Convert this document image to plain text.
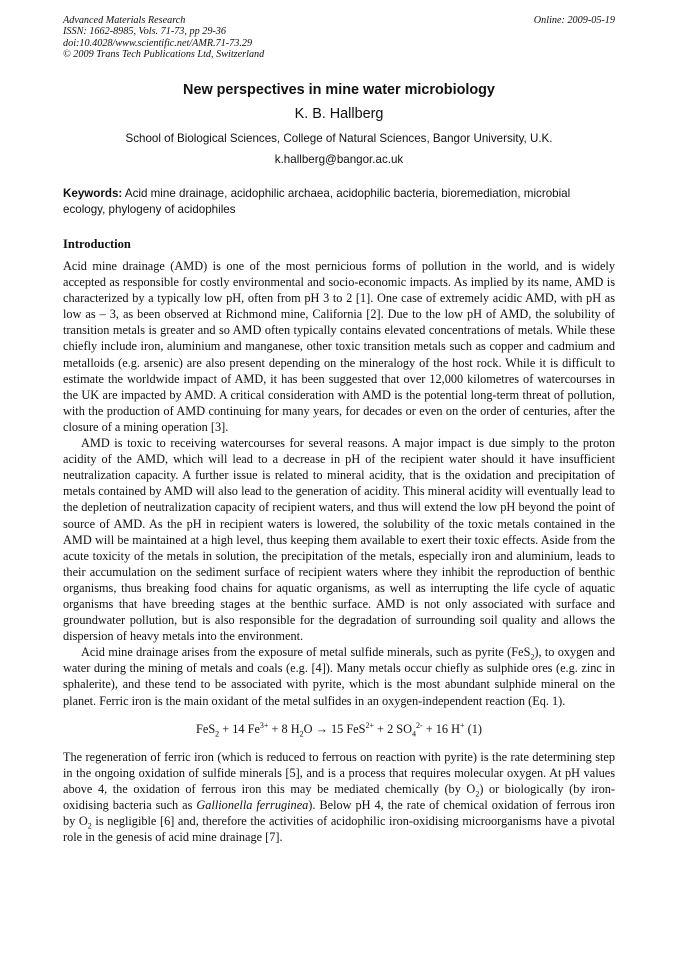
Advanced Materials Research
ISSN: 1662-8985, Vols. 71-73, pp 29-36
doi:10.4028/www.scientific.net/AMR.71-73.29
© 2009 Trans Tech Publications Ltd, Switzerland
Online: 2009-05-19
New perspectives in mine water microbiology
K. B. Hallberg
School of Biological Sciences, College of Natural Sciences, Bangor University, U.K.
k.hallberg@bangor.ac.uk
Keywords: Acid mine drainage, acidophilic archaea, acidophilic bacteria, bioremediation, microbial ecology, phylogeny of acidophiles
Introduction

Acid mine drainage (AMD) is one of the most pernicious forms of pollution in the world, and is widely accepted as responsible for costly environmental and socio-economic impacts. As implied by its name, AMD is characterized by a typically low pH, often from pH 3 to 2 [1]. One case of extremely acidic AMD, with pH as low as – 3, as been observed at Richmond mine, California [2]. Due to the low pH of AMD, the solubility of transition metals is greater and so AMD often typically contains elevated concentrations of metals. While these chiefly include iron, aluminium and manganese, other toxic transition metals such as copper and cadmium and metalloids (e.g. arsenic) are also present depending on the mineralogy of the host rock. While it is difficult to estimate the worldwide impact of AMD, it has been suggested that over 12,000 kilometres of watercourses in the UK are impacted by AMD. A critical consideration with AMD is the potential long-term threat of pollution, with the production of AMD continuing for many years, for decades or even on the order of centuries, after the closure of a mining operation [3].

AMD is toxic to receiving watercourses for several reasons. A major impact is due simply to the proton acidity of the AMD, which will lead to a decrease in pH of the recipient water should it have insufficient neutralization capacity. A further issue is related to mineral acidity, that is the oxidation and precipitation of metals contained by AMD will also lead to the generation of acidity. This mineral acidity will eventually lead to the depletion of neutralization capacity of recipient waters, and thus will extend the low pH beyond the point of source of AMD. As the pH in recipient waters is lowered, the solubility of the toxic metals contained in the AMD will be maintained at a high level, thus keeping them available to exert their toxic effects. Aside from the acute toxicity of the metals in solution, the precipitation of the metals, especially iron and aluminium, leads to their accumulation on the sediment surface of recipient waters where they inhibit the reproduction of benthic organisms, thus breaking food chains for aquatic organisms, as well as interrupting the life cycle of aquatic organisms that have breeding stages at the benthic surface. AMD is not only associated with surface and groundwater pollution, but is also responsible for the degradation of surrounding soil quality and allows the dispersion of heavy metals into the environment.

Acid mine drainage arises from the exposure of metal sulfide minerals, such as pyrite (FeS$_2$), to oxygen and water during the mining of metals and coals (e.g. [4]). Many metals occur chiefly as sulphide ores (e.g. zinc in sphalerite), and these tend to be associated with pyrite, which is the most abundant sulphide mineral on the planet. Ferric iron is the main oxidant of the metal sulfides in an oxygen-independent reaction (Eq. 1).

FeS$_2$ + 14 $Fe^{3+} + 8$ $H_2O \to 15$ FeS$^{2+}$ + 2 $SO_4^{2-} + 16$ H+ (1)

The regeneration of ferric iron (which is reduced to ferrous on reaction with pyrite) is the rate determining step in the ongoing oxidation of sulfide minerals [5], and is a process that requires molecular oxygen. At pH values above 4, the oxidation of ferrous iron this may be mediated chemically (by $O_2$) or biologically (by iron-oxidising bacteria such as Gallionella ferruginea). Below pH 4, the rate of chemical oxidation of ferrous iron by $O_2$ is negligible [6] and, therefore the activities of acidophilic iron-oxidising microorganisms have a pivotal role in the genesis of acid mine drainage [7].
